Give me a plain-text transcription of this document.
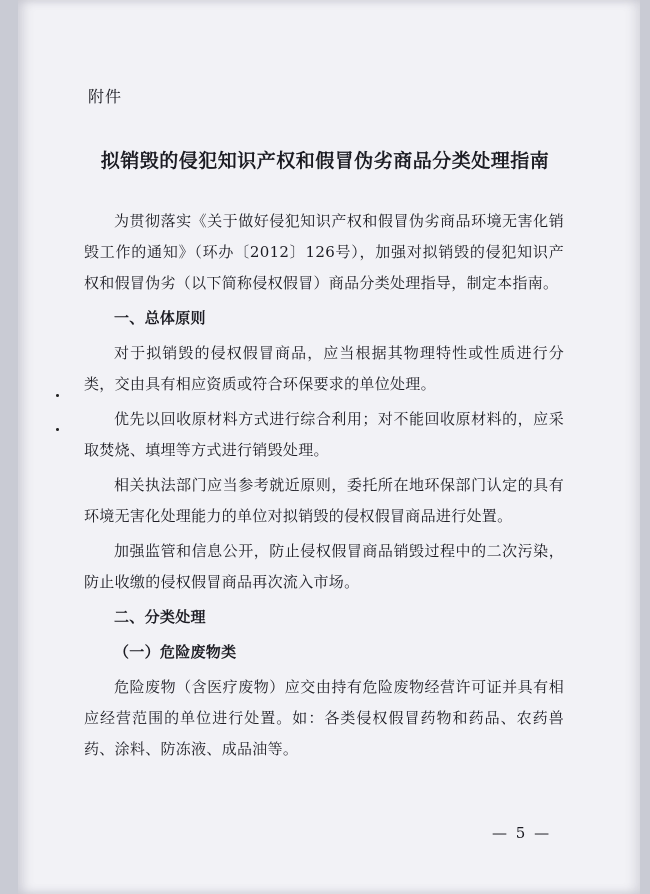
附件
拟销毁的侵犯知识产权和假冒伪劣商品分类处理指南

为贯彻落实《关于做好侵犯知识产权和假冒伪劣商品环境无害化销毁工作的通知》（环办〔2012〕126号），加强对拟销毁的侵犯知识产权和假冒伪劣（以下简称侵权假冒）商品分类处理指导，制定本指南。

一、总体原则

对于拟销毁的侵权假冒商品，应当根据其物理特性或性质进行分类，交由具有相应资质或符合环保要求的单位处理。

优先以回收原材料方式进行综合利用；对不能回收原材料的，应采取焚烧、填埋等方式进行销毁处理。

相关执法部门应当参考就近原则，委托所在地环保部门认定的具有环境无害化处理能力的单位对拟销毁的侵权假冒商品进行处置。

加强监管和信息公开，防止侵权假冒商品销毁过程中的二次污染，防止收缴的侵权假冒商品再次流入市场。

二、分类处理
（一）危险废物类

危险废物（含医疗废物）应交由持有危险废物经营许可证并具有相应经营范围的单位进行处置。如：各类侵权假冒药物和药品、农药兽药、涂料、防冻液、成品油等。

— 5 —
